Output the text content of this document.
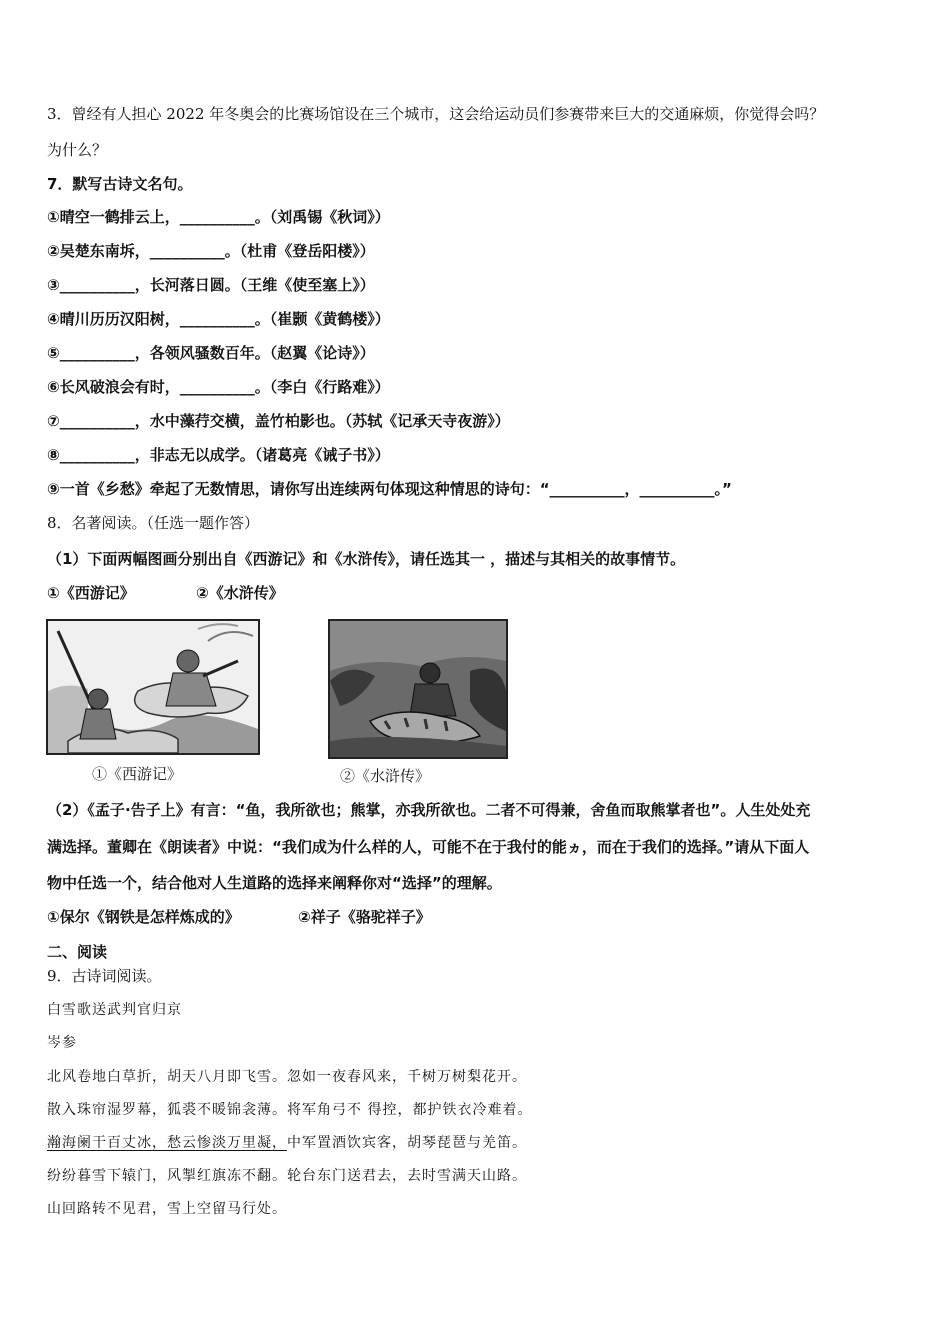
3．曾经有人担心 2022 年冬奥会的比赛场馆设在三个城市，这会给运动员们参赛带来巨大的交通麻烦，你觉得会吗？
为什么？
7．默写古诗文名句。
①晴空一鹤排云上，__________。（刘禹锡《秋词》）
②吴楚东南坼，__________。（杜甫《登岳阳楼》）
③__________，长河落日圆。（王维《使至塞上》）
④晴川历历汉阳树，__________。（崔颢《黄鹤楼》）
⑤__________，各领风骚数百年。（赵翼《论诗》）
⑥长风破浪会有时，__________。（李白《行路难》）
⑦__________，水中藻荇交横，盖竹柏影也。（苏轼《记承天寺夜游》）
⑧__________，非志无以成学。（诸葛亮《诫子书》）
⑨一首《乡愁》牵起了无数情思，请你写出连续两句体现这种情思的诗句：“__________，__________。”
8．名著阅读。（任选一题作答）
（1）下面两幅图画分别出自《西游记》和《水浒传》，请任选其一 ，描述与其相关的故事情节。
①《西游记》	②《水浒传》
①《西游记》	②《水浒传》
（2）《孟子·告子上》有言：“鱼，我所欲也；熊掌，亦我所欲也。二者不可得兼，舍鱼而取熊掌者也”。人生处处充
满选择。董卿在《朗读者》中说：“我们成为什么样的人，可能不在于我付的能ヵ，而在于我们的选择。”请从下面人
物中任选一个，结合他对人生道路的选择来阐释你对“选择”的理解。
①保尔《钢铁是怎样炼成的》	②祥子《骆驼祥子》
二、阅读
9．古诗词阅读。
白雪歌送武判官归京
岑参
北风卷地白草折，胡天八月即飞雪。忽如一夜春风来，千树万树梨花开。
散入珠帘湿罗幕，狐裘不暖锦衾薄。将军角弓不 得控，都护铁衣冷难着。
瀚海阑干百丈冰，愁云惨淡万里凝，中军置酒饮宾客，胡琴琵琶与羌笛。
纷纷暮雪下辕门，风掣红旗冻不翻。轮台东门送君去，去时雪满天山路。
山回路转不见君，雪上空留马行处。
